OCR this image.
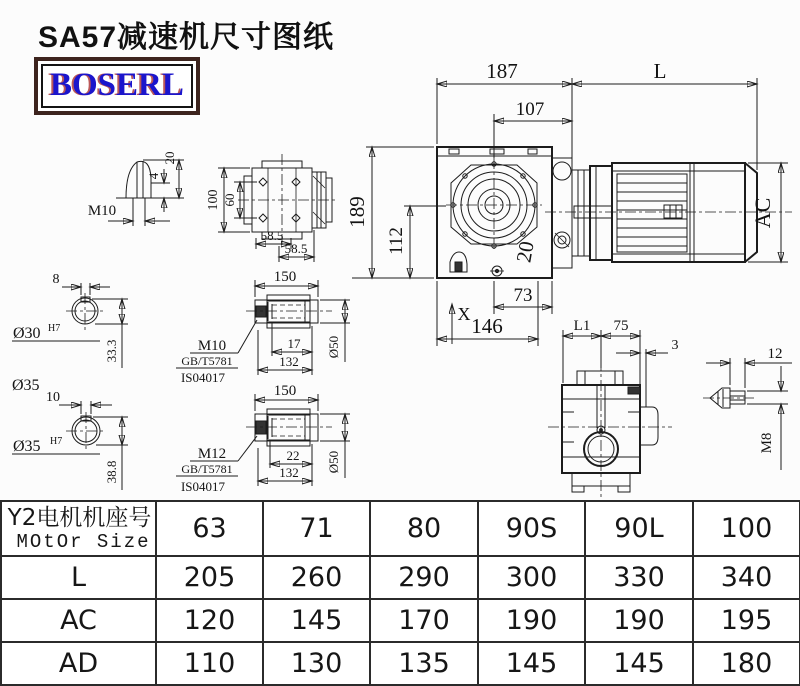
SA57减速机尺寸图纸
BOSERL	187	L
107
189
112	20
73
146
X
AC
M10
4
20
100 60
58.5
58.5
8
Ø30 H7
33.3
Ø35
150
M10
GB/T5781
IS04017
17
132
Ø50
10
Ø35 H7
38.8
150
M12
GB/T5781
IS04017
22
132 Ø50
L1 75
3
12
M8
Y2电机机座号
MOtOr Size	63	71	80	90S	90L	100
L	205	260	290	300	330	340
AC	120	145	170	190	190	195
AD	110	130	135	145	145	180
